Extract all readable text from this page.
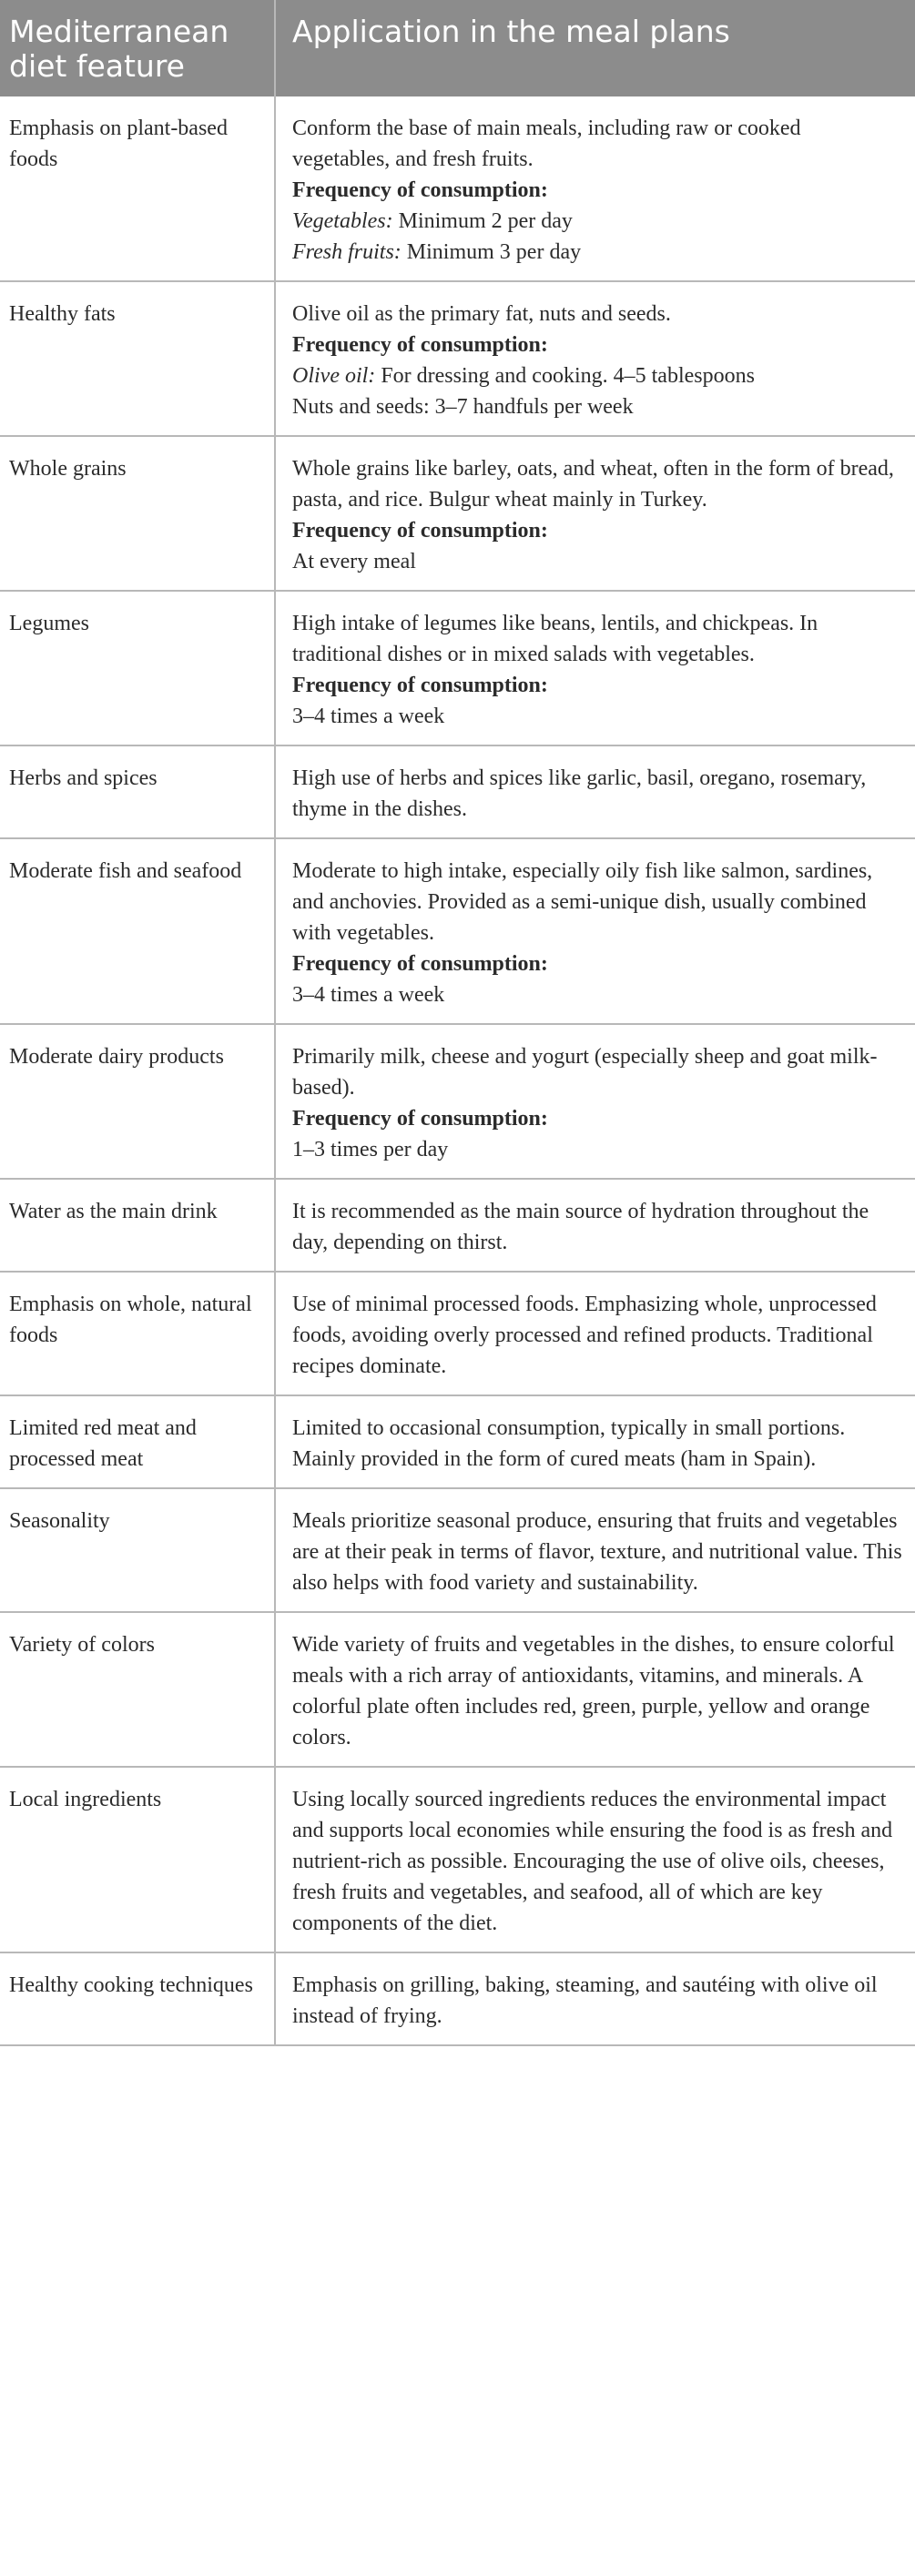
Mediterranean diet feature	Application in the meal plans
Emphasis on plant-based foods	Conform the base of main meals, including raw or cooked vegetables, and fresh fruits.
Frequency of consumption:
Vegetables: Minimum 2 per day
Fresh fruits: Minimum 3 per day

Healthy fats	Olive oil as the primary fat, nuts and seeds.
Frequency of consumption:
Olive oil: For dressing and cooking. 4–5 tablespoons
Nuts and seeds: 3–7 handfuls per week

Whole grains	Whole grains like barley, oats, and wheat, often in the form of bread, pasta, and rice. Bulgur wheat mainly in Turkey.
Frequency of consumption:
At every meal

Legumes	High intake of legumes like beans, lentils, and chickpeas. In traditional dishes or in mixed salads with vegetables.
Frequency of consumption:
3–4 times a week

Herbs and spices	High use of herbs and spices like garlic, basil, oregano, rosemary, thyme in the dishes.

Moderate fish and seafood	Moderate to high intake, especially oily fish like salmon, sardines, and anchovies. Provided as a semi-unique dish, usually combined with vegetables.
Frequency of consumption:
3–4 times a week

Moderate dairy products	Primarily milk, cheese and yogurt (especially sheep and goat milk-based).
Frequency of consumption:
1–3 times per day

Water as the main drink	It is recommended as the main source of hydration throughout the day, depending on thirst.

Emphasis on whole, natural foods	Use of minimal processed foods. Emphasizing whole, unprocessed foods, avoiding overly processed and refined products. Traditional recipes dominate.

Limited red meat and processed meat	Limited to occasional consumption, typically in small portions. Mainly provided in the form of cured meats (ham in Spain).

Seasonality	Meals prioritize seasonal produce, ensuring that fruits and vegetables are at their peak in terms of flavor, texture, and nutritional value. This also helps with food variety and sustainability.

Variety of colors	Wide variety of fruits and vegetables in the dishes, to ensure colorful meals with a rich array of antioxidants, vitamins, and minerals. A colorful plate often includes red, green, purple, yellow and orange colors.

Local ingredients	Using locally sourced ingredients reduces the environmental impact and supports local economies while ensuring the food is as fresh and nutrient-rich as possible. Encouraging the use of olive oils, cheeses, fresh fruits and vegetables, and seafood, all of which are key components of the diet.

Healthy cooking techniques	Emphasis on grilling, baking, steaming, and sautéing with olive oil instead of frying.
